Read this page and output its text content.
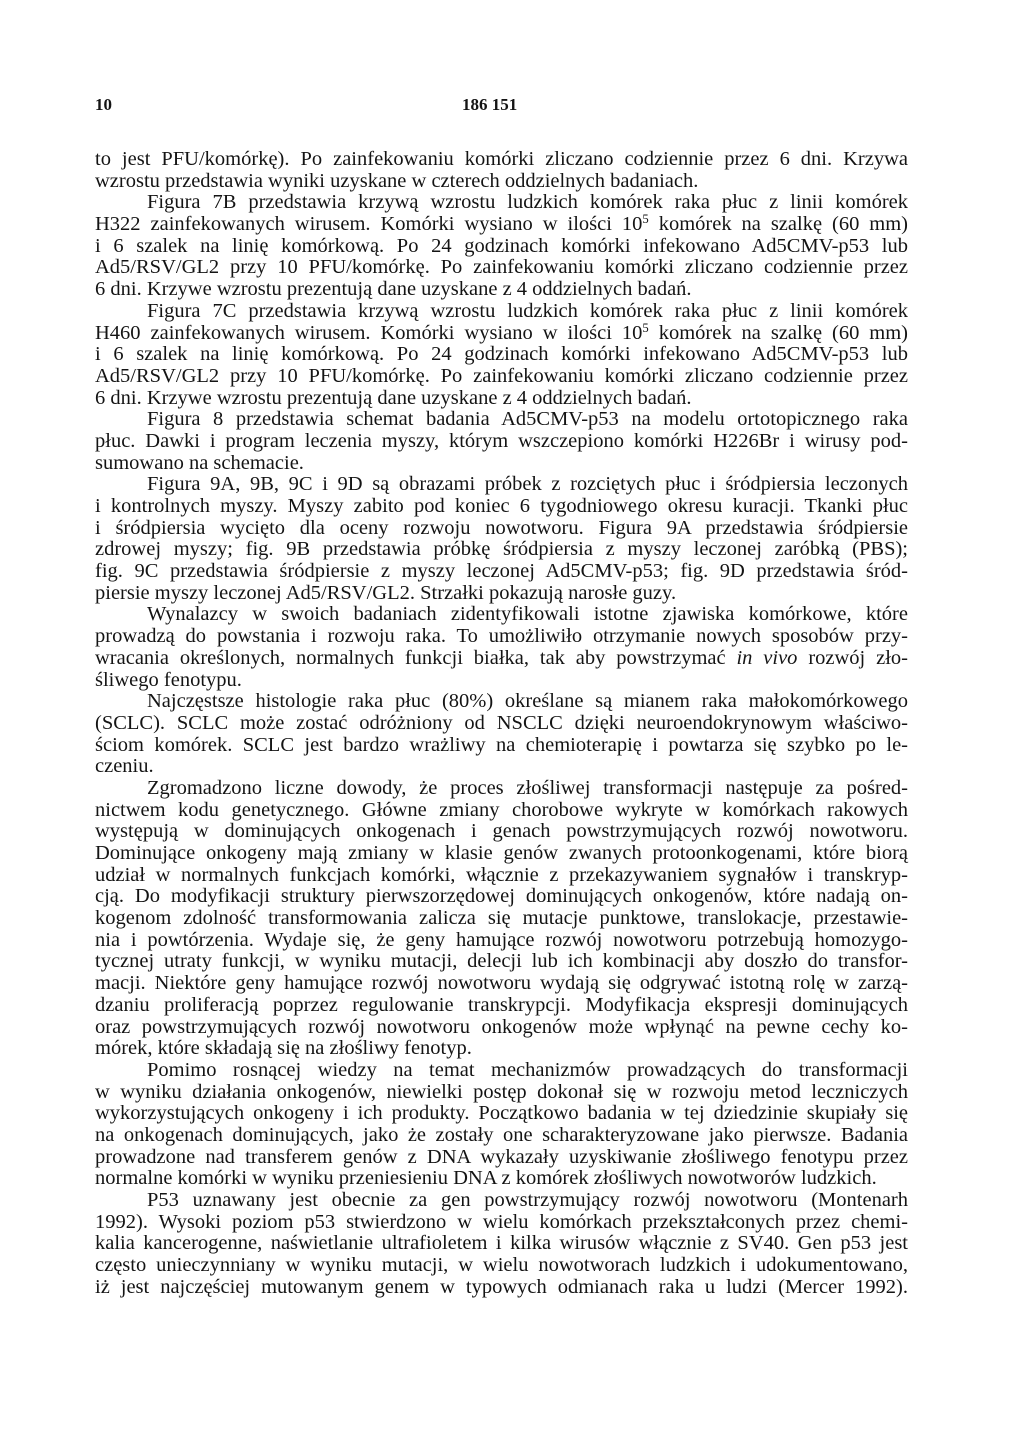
10	186 151
to jest PFU/komórkę). Po zainfekowaniu komórki zliczano codziennie przez 6 dni. Krzywa
wzrostu przedstawia wyniki uzyskane w czterech oddzielnych badaniach.
Figura 7B przedstawia krzywą wzrostu ludzkich komórek raka płuc z linii komórek
H322 zainfekowanych wirusem. Komórki wysiano w ilości $10^5$ komórek na szalkę (60 mm)
i 6 szalek na linię komórkową. Po 24 godzinach komórki infekowano Ad5CMV-p53 lub
Ad5/RSV/GL2 przy 10 PFU/komórkę. Po zainfekowaniu komórki zliczano codziennie przez
6 dni. Krzywe wzrostu prezentują dane uzyskane z 4 oddzielnych badań.
Figura 7C przedstawia krzywą wzrostu ludzkich komórek raka płuc z linii komórek
H460 zainfekowanych wirusem. Komórki wysiano w ilości $10^5$ komórek na szalkę (60 mm)
i 6 szalek na linię komórkową. Po 24 godzinach komórki infekowano Ad5CMV-p53 lub
Ad5/RSV/GL2 przy 10 PFU/komórkę. Po zainfekowaniu komórki zliczano codziennie przez
6 dni. Krzywe wzrostu prezentują dane uzyskane z 4 oddzielnych badań.
Figura 8 przedstawia schemat badania Ad5CMV-p53 na modelu ortotopicznego raka
płuc. Dawki i program leczenia myszy, którym wszczepiono komórki H226Br i wirusy pod-
sumowano na schemacie.
Figura 9A, 9B, 9C i 9D są obrazami próbek z rozciętych płuc i śródpiersia leczonych
i kontrolnych myszy. Myszy zabito pod koniec 6 tygodniowego okresu kuracji. Tkanki płuc
i śródpiersia wycięto dla oceny rozwoju nowotworu. Figura 9A przedstawia śródpiersie
zdrowej myszy; fig. 9B przedstawia próbkę śródpiersia z myszy leczonej zaróbką (PBS);
fig. 9C przedstawia śródpiersie z myszy leczonej Ad5CMV-p53; fig. 9D przedstawia śród-
piersie myszy leczonej Ad5/RSV/GL2. Strzałki pokazują narosłe guzy.
Wynalazcy w swoich badaniach zidentyfikowali istotne zjawiska komórkowe, które
prowadzą do powstania i rozwoju raka. To umożliwiło otrzymanie nowych sposobów przy-
wracania określonych, normalnych funkcji białka, tak aby powstrzymać in vivo rozwój zło-
śliwego fenotypu.
Najczęstsze histologie raka płuc (80%) określane są mianem raka małokomórkowego
(SCLC). SCLC może zostać odróżniony od NSCLC dzięki neuroendokrynowym właściwo-
ściom komórek. SCLC jest bardzo wrażliwy na chemioterapię i powtarza się szybko po le-
czeniu.
Zgromadzono liczne dowody, że proces złośliwej transformacji następuje za pośred-
nictwem kodu genetycznego. Główne zmiany chorobowe wykryte w komórkach rakowych
występują w dominujących onkogenach i genach powstrzymujących rozwój nowotworu.
Dominujące onkogeny mają zmiany w klasie genów zwanych protoonkogenami, które biorą
udział w normalnych funkcjach komórki, włącznie z przekazywaniem sygnałów i transkryp-
cją. Do modyfikacji struktury pierwszorzędowej dominujących onkogenów, które nadają on-
kogenom zdolność transformowania zalicza się mutacje punktowe, translokacje, przestawie-
nia i powtórzenia. Wydaje się, że geny hamujące rozwój nowotworu potrzebują homozygo-
tycznej utraty funkcji, w wyniku mutacji, delecji lub ich kombinacji aby doszło do transfor-
macji. Niektóre geny hamujące rozwój nowotworu wydają się odgrywać istotną rolę w zarzą-
dzaniu proliferacją poprzez regulowanie transkrypcji. Modyfikacja ekspresji dominujących
oraz powstrzymujących rozwój nowotworu onkogenów może wpłynąć na pewne cechy ko-
mórek, które składają się na złośliwy fenotyp.
Pomimo rosnącej wiedzy na temat mechanizmów prowadzących do transformacji
w wyniku działania onkogenów, niewielki postęp dokonał się w rozwoju metod leczniczych
wykorzystujących onkogeny i ich produkty. Początkowo badania w tej dziedzinie skupiały się
na onkogenach dominujących, jako że zostały one scharakteryzowane jako pierwsze. Badania
prowadzone nad transferem genów z DNA wykazały uzyskiwanie złośliwego fenotypu przez
normalne komórki w wyniku przeniesieniu DNA z komórek złośliwych nowotworów ludzkich.
P53 uznawany jest obecnie za gen powstrzymujący rozwój nowotworu (Montenarh
1992). Wysoki poziom p53 stwierdzono w wielu komórkach przekształconych przez chemi-
kalia kancerogenne, naświetlanie ultrafioletem i kilka wirusów włącznie z SV40. Gen p53 jest
często unieczynniany w wyniku mutacji, w wielu nowotworach ludzkich i udokumentowano,
iż jest najczęściej mutowanym genem w typowych odmianach raka u ludzi (Mercer 1992).
